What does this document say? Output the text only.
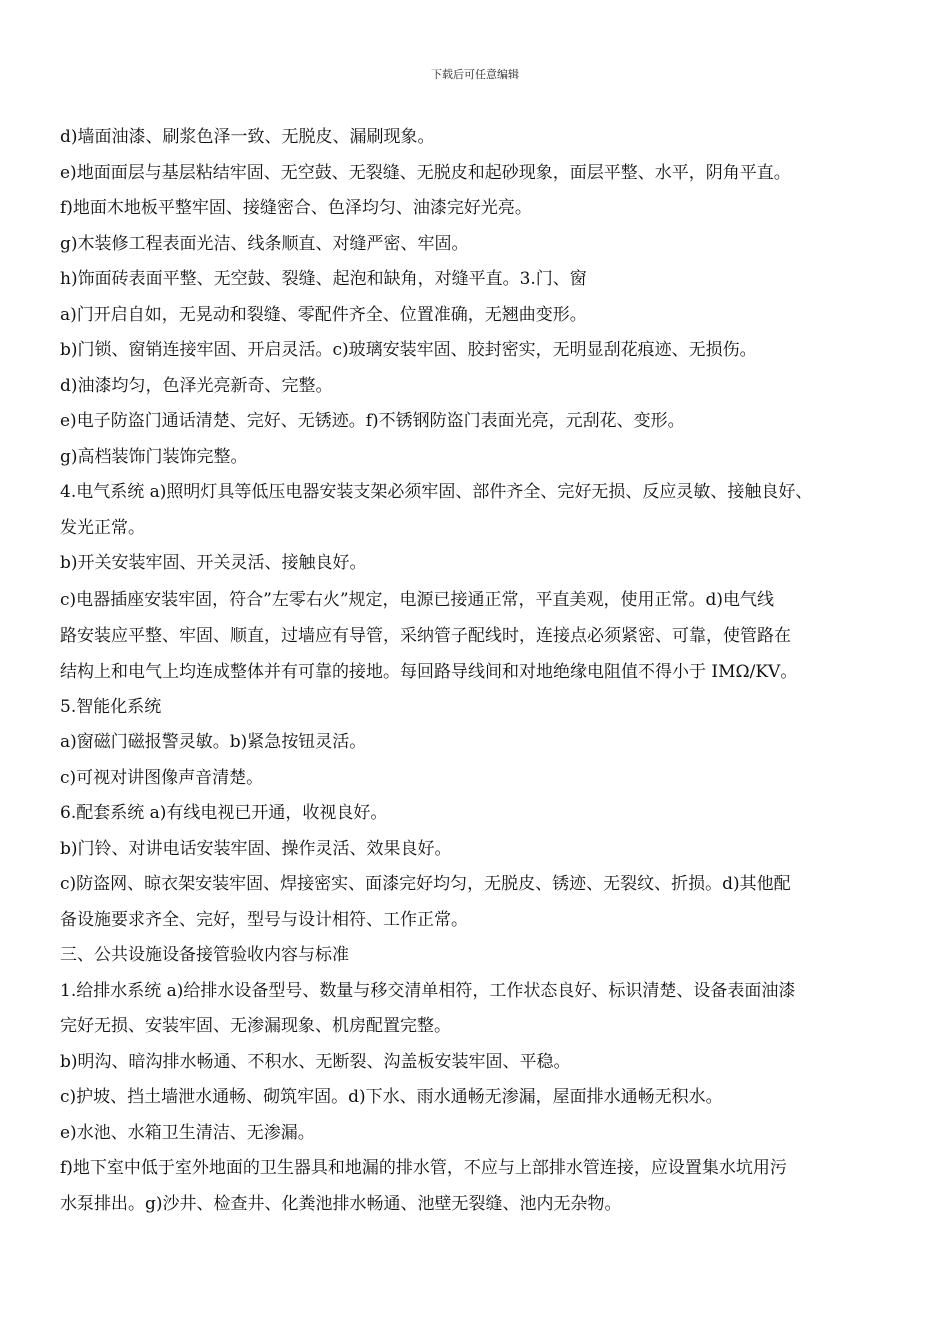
下载后可任意编辑
d)墙面油漆、刷浆色泽一致、无脱皮、漏刷现象。
e)地面面层与基层粘结牢固、无空鼓、无裂缝、无脱皮和起砂现象，面层平整、水平，阴角平直。
f)地面木地板平整牢固、接缝密合、色泽均匀、油漆完好光亮。
g)木装修工程表面光洁、线条顺直、对缝严密、牢固。
h)饰面砖表面平整、无空鼓、裂缝、起泡和缺角，对缝平直。3.门、窗
a)门开启自如，无晃动和裂缝、零配件齐全、位置准确，无翘曲变形。
b)门锁、窗销连接牢固、开启灵活。c)玻璃安装牢固、胶封密实，无明显刮花痕迹、无损伤。
d)油漆均匀，色泽光亮新奇、完整。
e)电子防盗门通话清楚、完好、无锈迹。f)不锈钢防盗门表面光亮，元刮花、变形。
g)高档装饰门装饰完整。
4.电气系统 a)照明灯具等低压电器安装支架必须牢固、部件齐全、完好无损、反应灵敏、接触良好、
发光正常。
b)开关安装牢固、开关灵活、接触良好。
c)电器插座安装牢固，符合”左零右火”规定，电源已接通正常，平直美观，使用正常。d)电气线
路安装应平整、牢固、顺直，过墙应有导管，采纳管子配线时，连接点必须紧密、可靠，使管路在
结构上和电气上均连成整体并有可靠的接地。每回路导线间和对地绝缘电阻值不得小于 IMΩ/KV。
5.智能化系统
a)窗磁门磁报警灵敏。b)紧急按钮灵活。
c)可视对讲图像声音清楚。
6.配套系统 a)有线电视已开通，收视良好。
b)门铃、对讲电话安装牢固、操作灵活、效果良好。
c)防盗网、晾衣架安装牢固、焊接密实、面漆完好均匀，无脱皮、锈迹、无裂纹、折损。d)其他配
备设施要求齐全、完好，型号与设计相符、工作正常。
三、公共设施设备接管验收内容与标准
1.给排水系统 a)给排水设备型号、数量与移交清单相符，工作状态良好、标识清楚、设备表面油漆
完好无损、安装牢固、无渗漏现象、机房配置完整。
b)明沟、暗沟排水畅通、不积水、无断裂、沟盖板安装牢固、平稳。
c)护坡、挡土墙泄水通畅、砌筑牢固。d)下水、雨水通畅无渗漏，屋面排水通畅无积水。
e)水池、水箱卫生清洁、无渗漏。
f)地下室中低于室外地面的卫生器具和地漏的排水管，不应与上部排水管连接，应设置集水坑用污
水泵排出。g)沙井、检查井、化粪池排水畅通、池壁无裂缝、池内无杂物。
